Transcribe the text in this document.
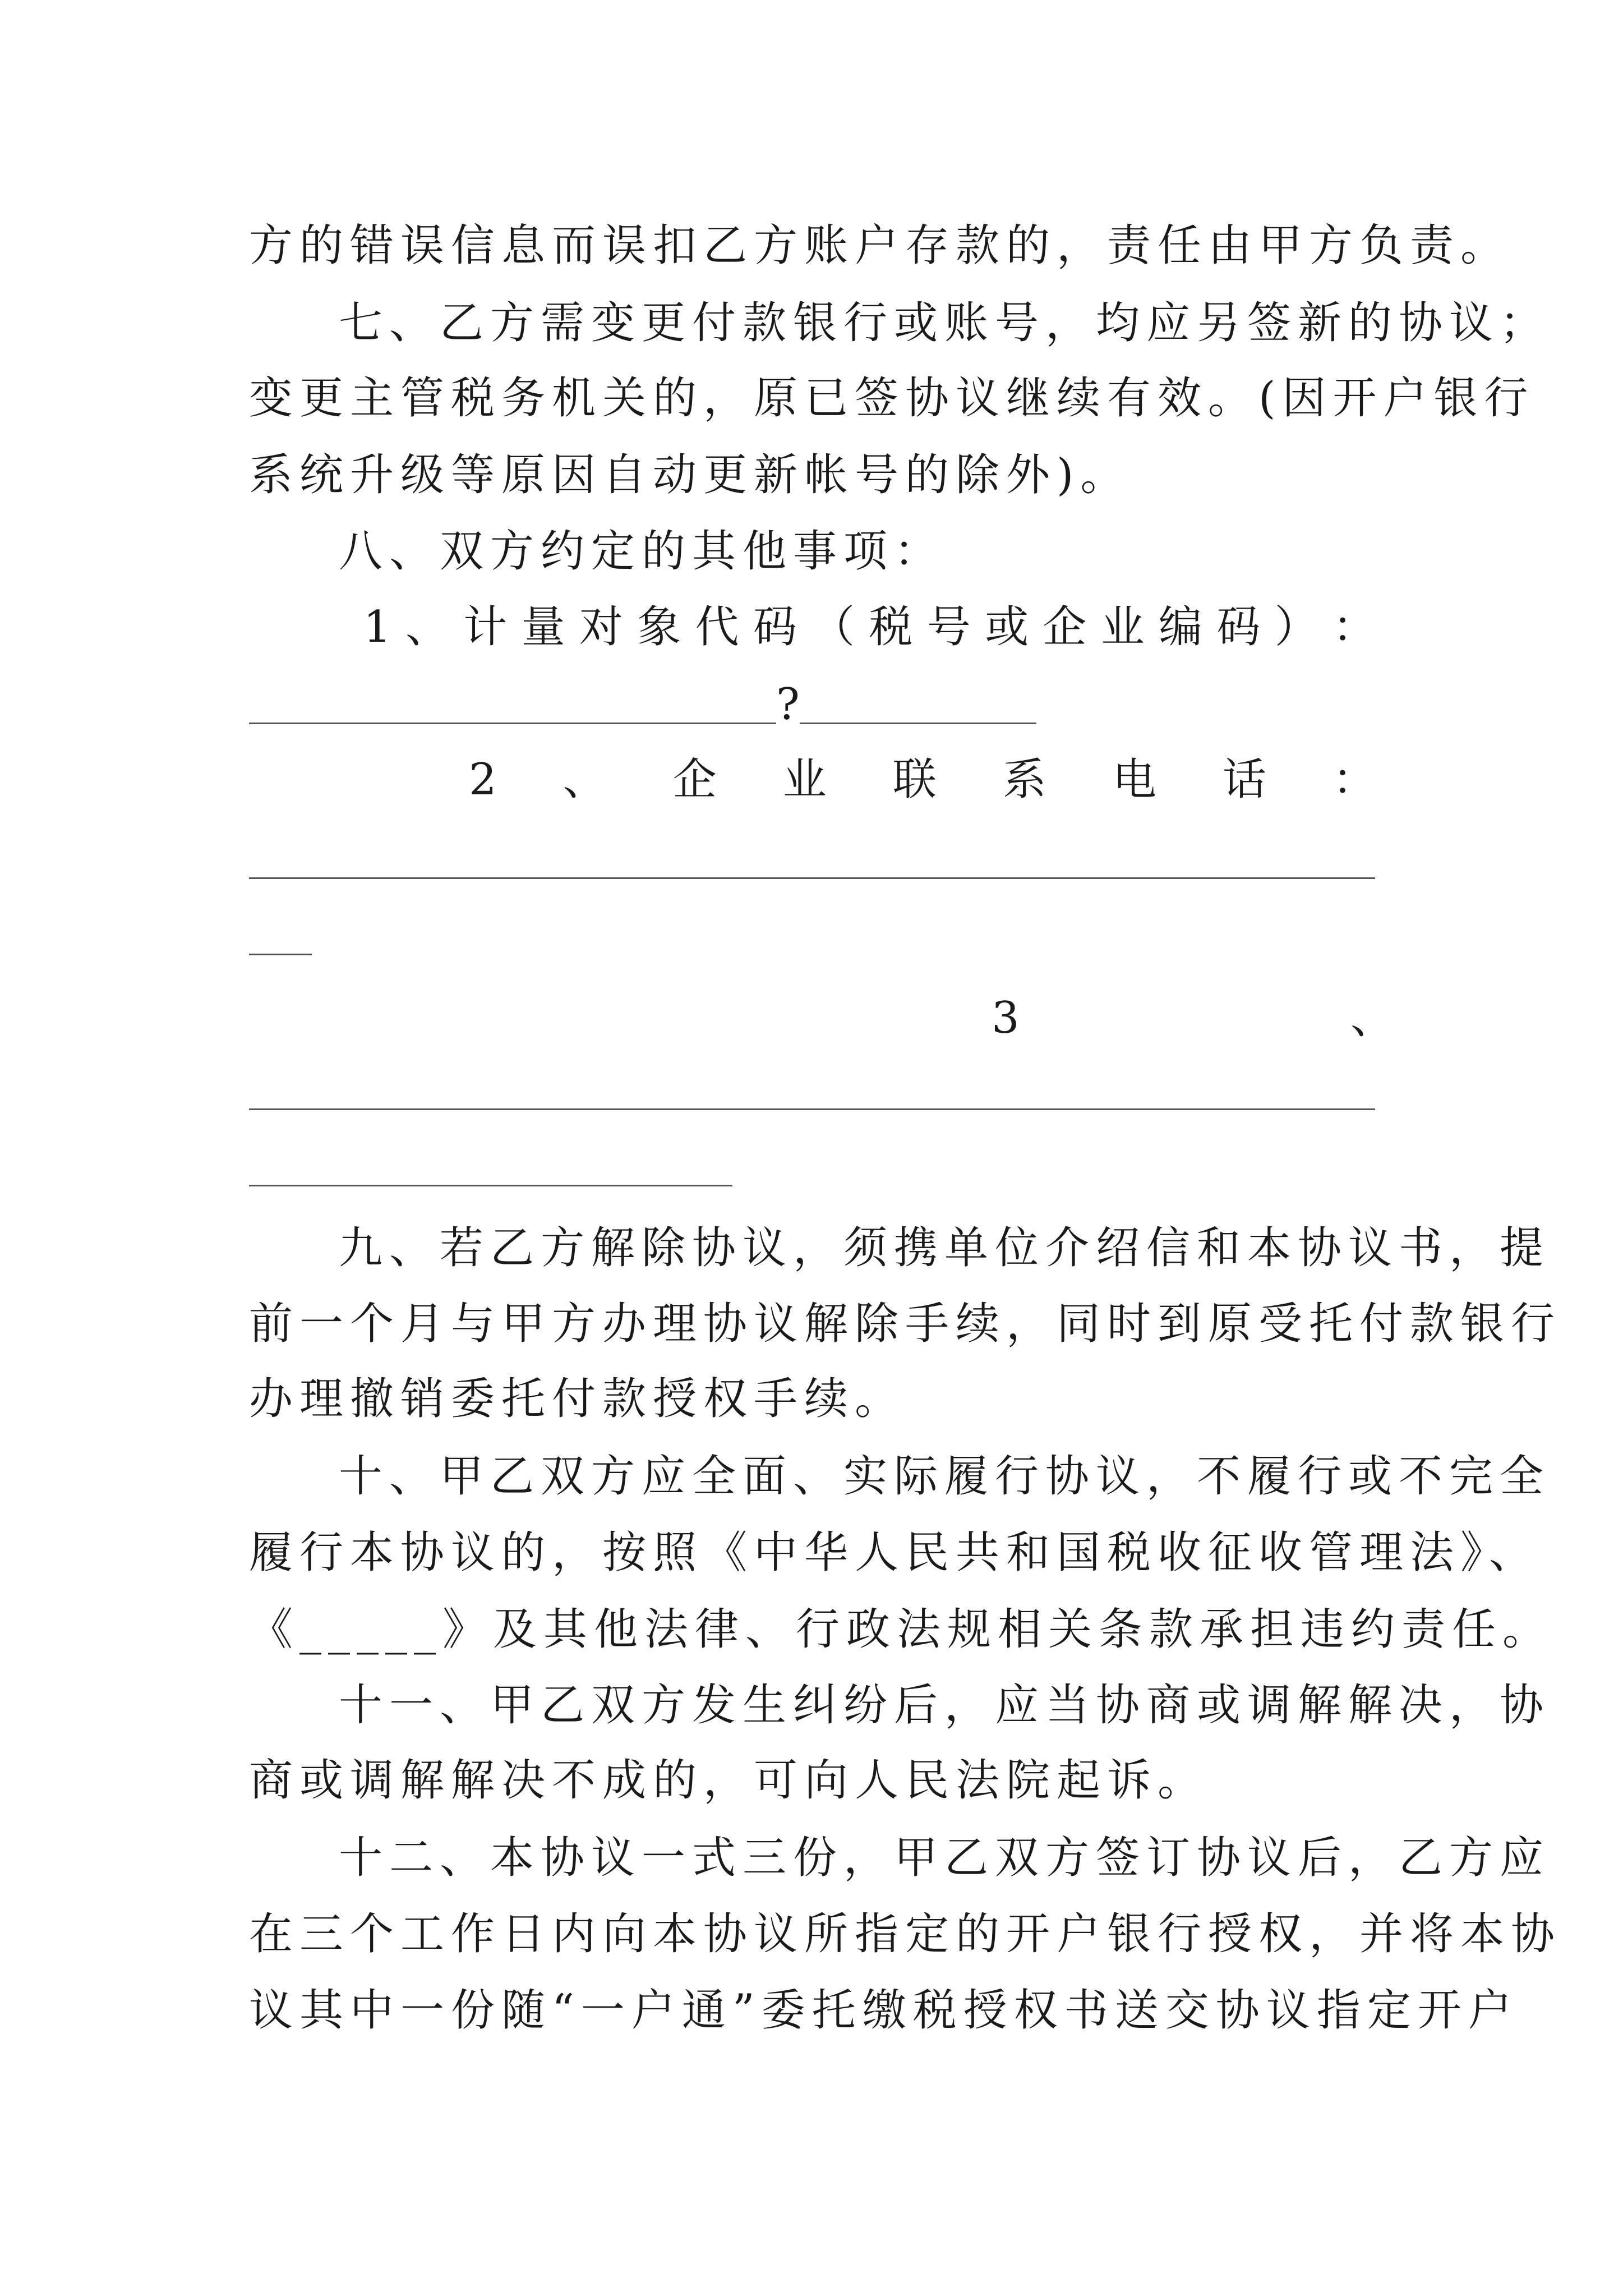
方的错误信息而误扣乙方账户存款的，责任由甲方负责。
七、乙方需变更付款银行或账号，均应另签新的协议；
变更主管税务机关的，原已签协议继续有效。(因开户银行
系统升级等原因自动更新帐号的除外)。
八、双方约定的其他事项：
1 、 计 量 对 象 代 码 （ 税 号 或 企 业 编 码 ） ：
?
2 、 企 业 联 系 电 话 ：
3	、
九、若乙方解除协议，须携单位介绍信和本协议书，提
前一个月与甲方办理协议解除手续，同时到原受托付款银行
办理撤销委托付款授权手续。
十、甲乙双方应全面、实际履行协议，不履行或不完全
履行本协议的，按照《中华人民共和国税收征收管理法》、
《_____》及其他法律、行政法规相关条款承担违约责任。
十一、甲乙双方发生纠纷后，应当协商或调解解决，协
商或调解解决不成的，可向人民法院起诉。
十二、本协议一式三份，甲乙双方签订协议后，乙方应
在三个工作日内向本协议所指定的开户银行授权，并将本协
议其中一份随“一户通”委托缴税授权书送交协议指定开户
